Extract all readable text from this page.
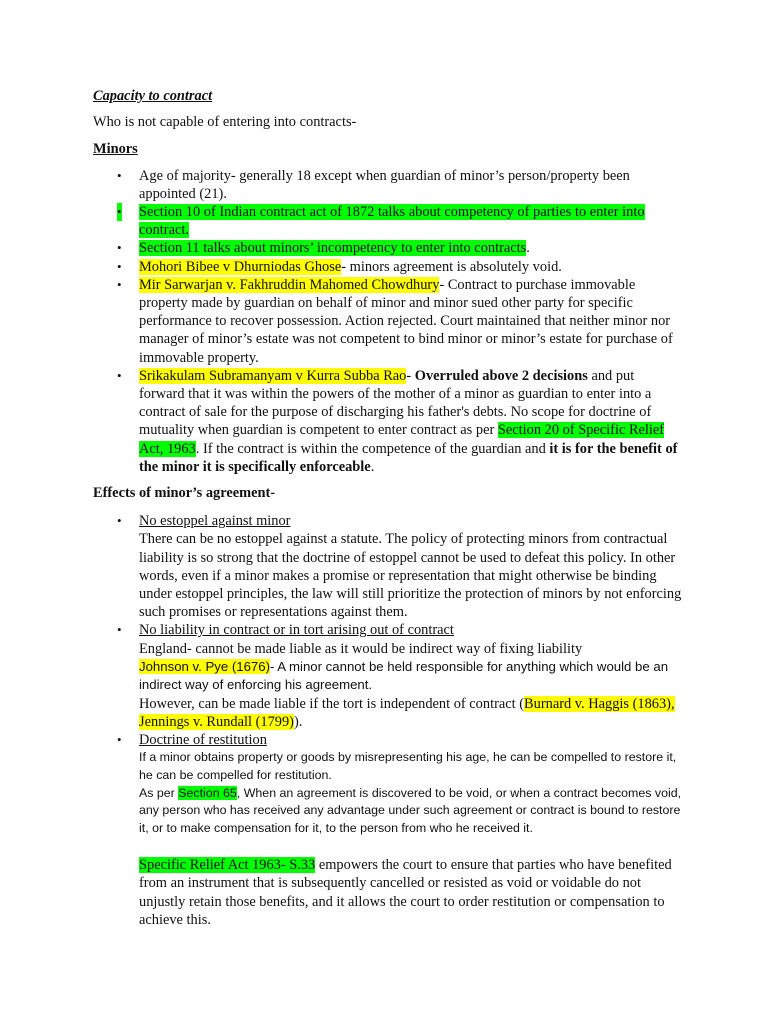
Capacity to contract

Who is not capable of entering into contracts-

Minors

• Age of majority- generally 18 except when guardian of minor’s person/property been appointed (21).
• Section 10 of Indian contract act of 1872 talks about competency of parties to enter into contract.
• Section 11 talks about minors’ incompetency to enter into contracts.
• Mohori Bibee v Dhurniodas Ghose- minors agreement is absolutely void.
• Mir Sarwarjan v. Fakhruddin Mahomed Chowdhury- Contract to purchase immovable property made by guardian on behalf of minor and minor sued other party for specific performance to recover possession. Action rejected. Court maintained that neither minor nor manager of minor’s estate was not competent to bind minor or minor’s estate for purchase of immovable property.
• Srikakulam Subramanyam v Kurra Subba Rao- Overruled above 2 decisions and put forward that it was within the powers of the mother of a minor as guardian to enter into a contract of sale for the purpose of discharging his father's debts. No scope for doctrine of mutuality when guardian is competent to enter contract as per Section 20 of Specific Relief Act, 1963. If the contract is within the competence of the guardian and it is for the benefit of the minor it is specifically enforceable.

Effects of minor’s agreement-

• No estoppel against minor
There can be no estoppel against a statute. The policy of protecting minors from contractual liability is so strong that the doctrine of estoppel cannot be used to defeat this policy. In other words, even if a minor makes a promise or representation that might otherwise be binding under estoppel principles, the law will still prioritize the protection of minors by not enforcing such promises or representations against them.
• No liability in contract or in tort arising out of contract
England- cannot be made liable as it would be indirect way of fixing liability
Johnson v. Pye (1676)- A minor cannot be held responsible for anything which would be an indirect way of enforcing his agreement.
However, can be made liable if the tort is independent of contract (Burnard v. Haggis (1863), Jennings v. Rundall (1799)).
• Doctrine of restitution
If a minor obtains property or goods by misrepresenting his age, he can be compelled to restore it, he can be compelled for restitution.
As per Section 65, When an agreement is discovered to be void, or when a contract becomes void, any person who has received any advantage under such agreement or contract is bound to restore it, or to make compensation for it, to the person from who he received it.

Specific Relief Act 1963- S.33 empowers the court to ensure that parties who have benefited from an instrument that is subsequently cancelled or resisted as void or voidable do not unjustly retain those benefits, and it allows the court to order restitution or compensation to achieve this.
